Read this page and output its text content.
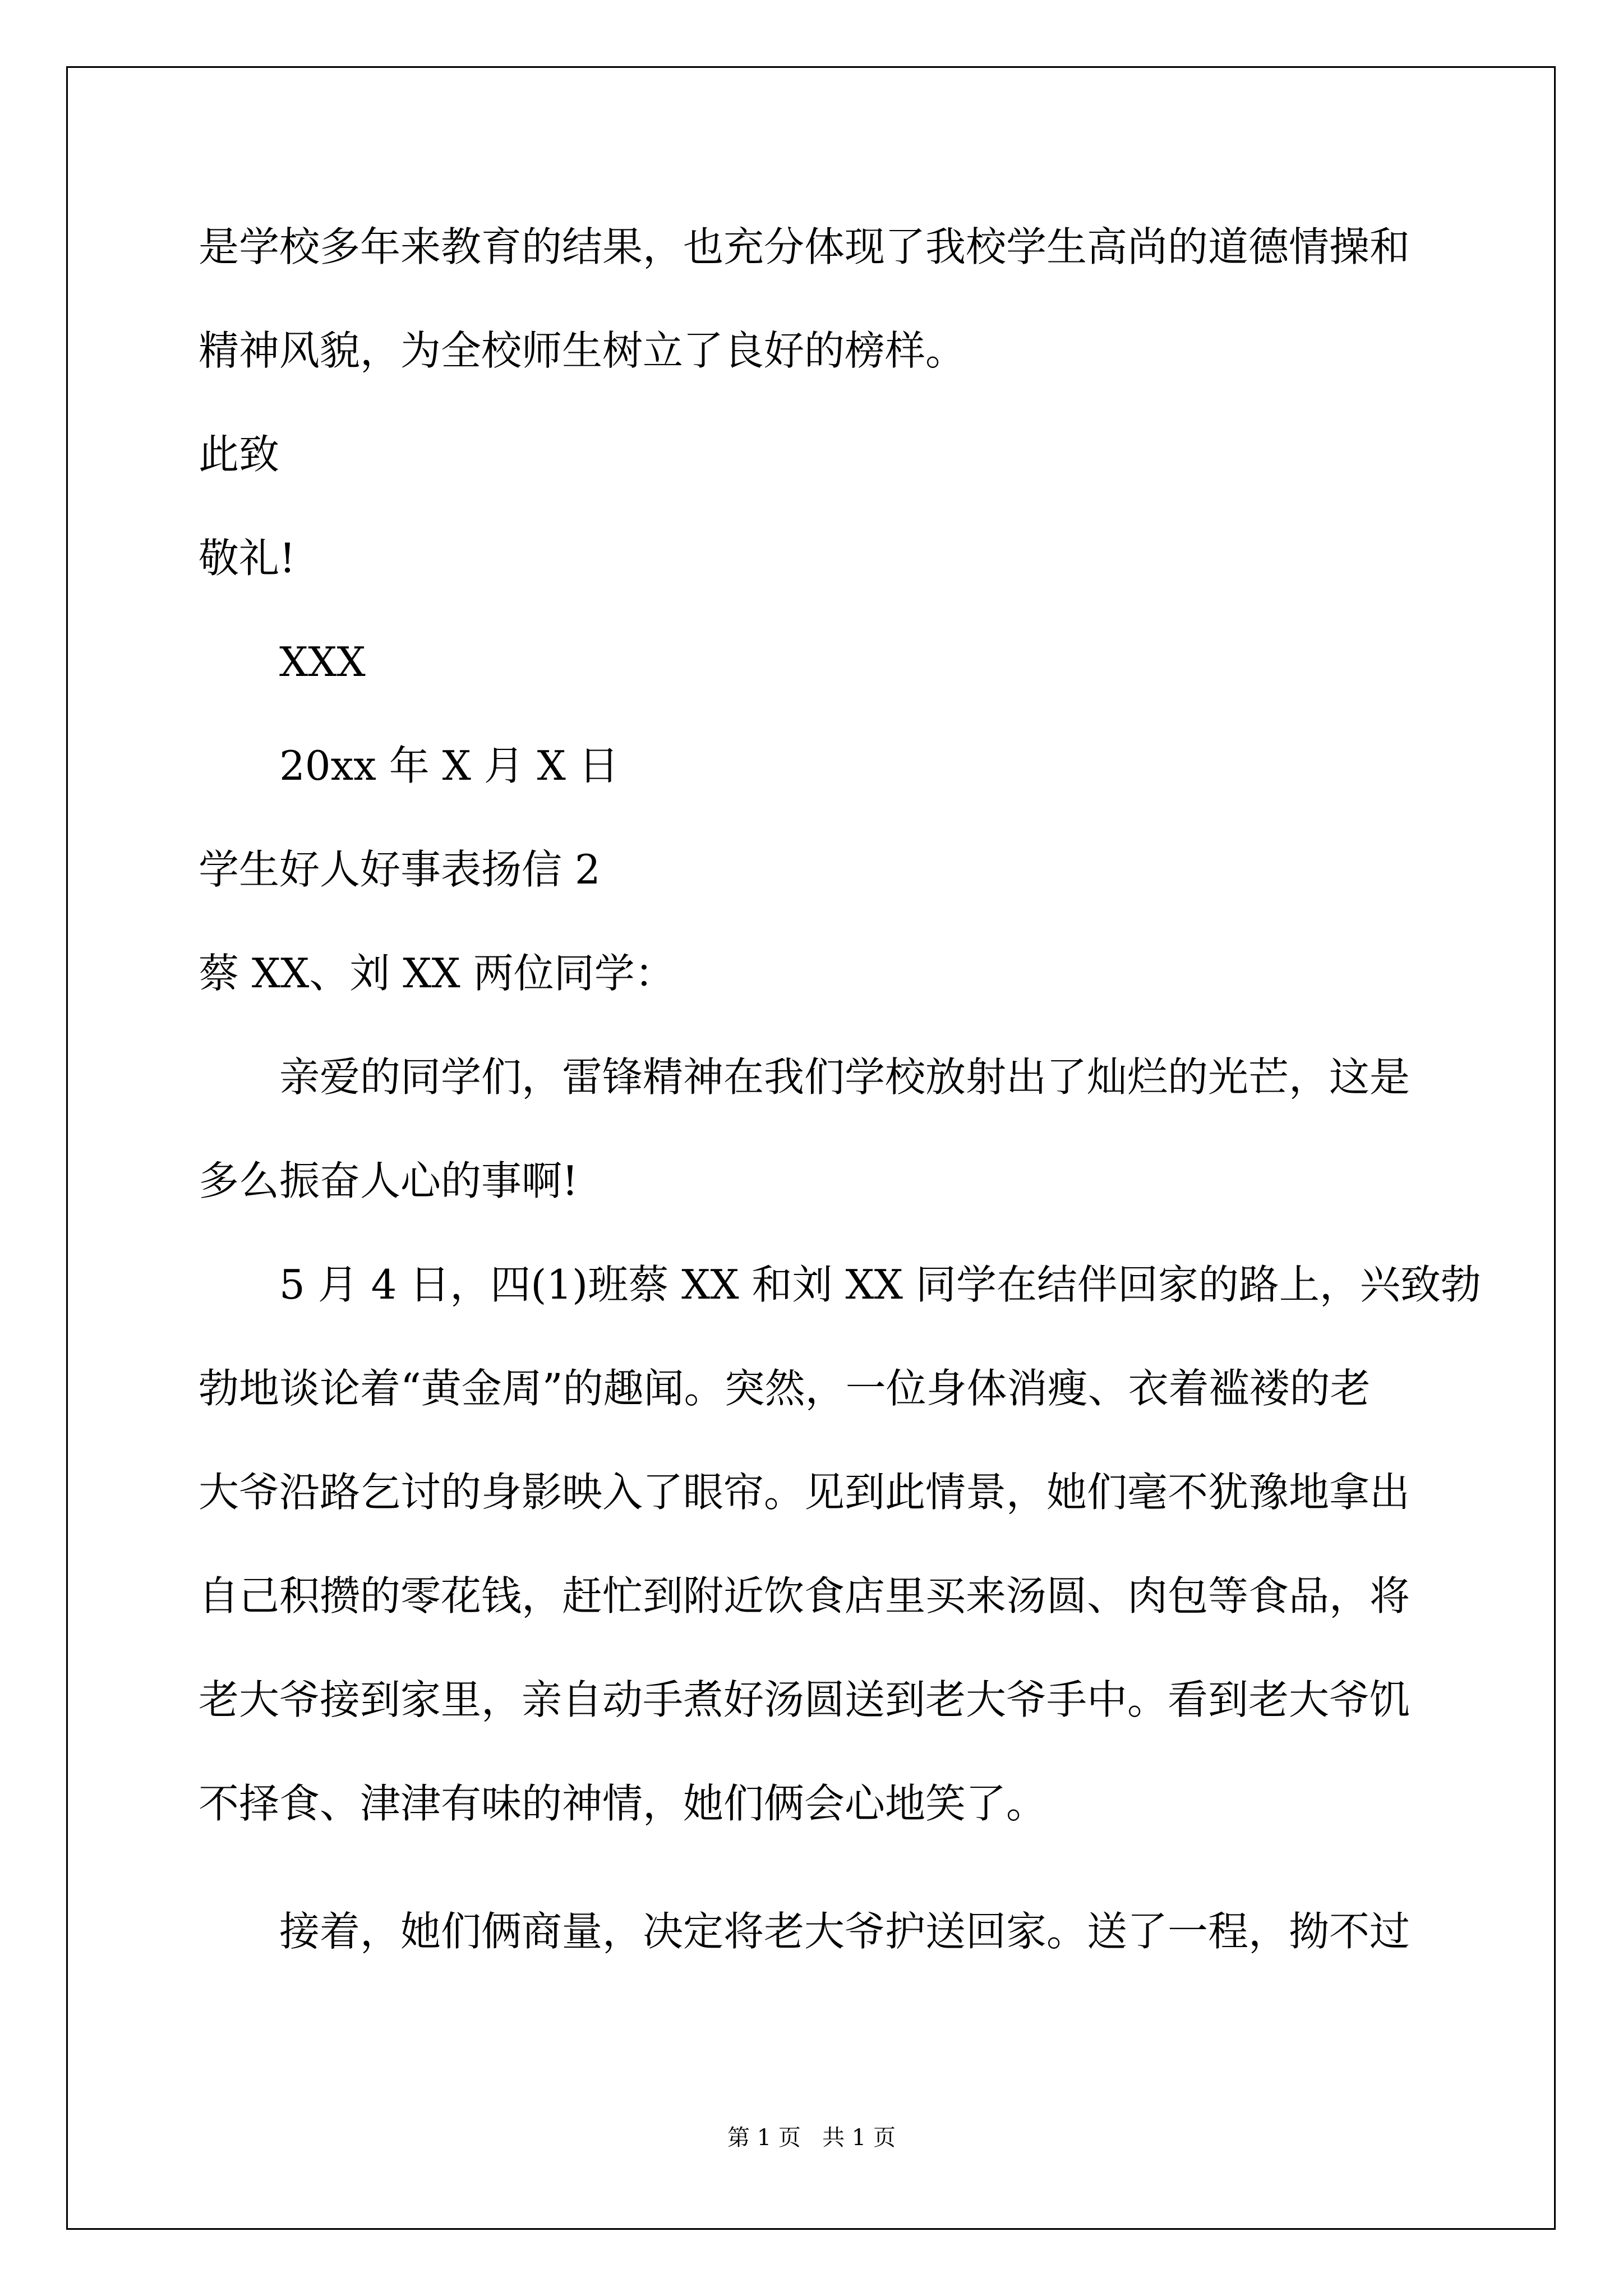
是学校多年来教育的结果，也充分体现了我校学生高尚的道德情操和
精神风貌，为全校师生树立了良好的榜样。
此致
敬礼!
XXX
20xx 年 X 月 X 日
学生好人好事表扬信 2
蔡 XX、刘 XX 两位同学：
亲爱的同学们，雷锋精神在我们学校放射出了灿烂的光芒，这是
多么振奋人心的事啊!
5 月 4 日，四(1)班蔡 XX 和刘 XX 同学在结伴回家的路上，兴致勃
勃地谈论着“黄金周”的趣闻。突然，一位身体消瘦、衣着褴褛的老
大爷沿路乞讨的身影映入了眼帘。见到此情景，她们毫不犹豫地拿出
自己积攒的零花钱，赶忙到附近饮食店里买来汤圆、肉包等食品，将
老大爷接到家里，亲自动手煮好汤圆送到老大爷手中。看到老大爷饥
不择食、津津有味的神情，她们俩会心地笑了。
接着，她们俩商量，决定将老大爷护送回家。送了一程，拗不过
第 1 页   共 1 页
